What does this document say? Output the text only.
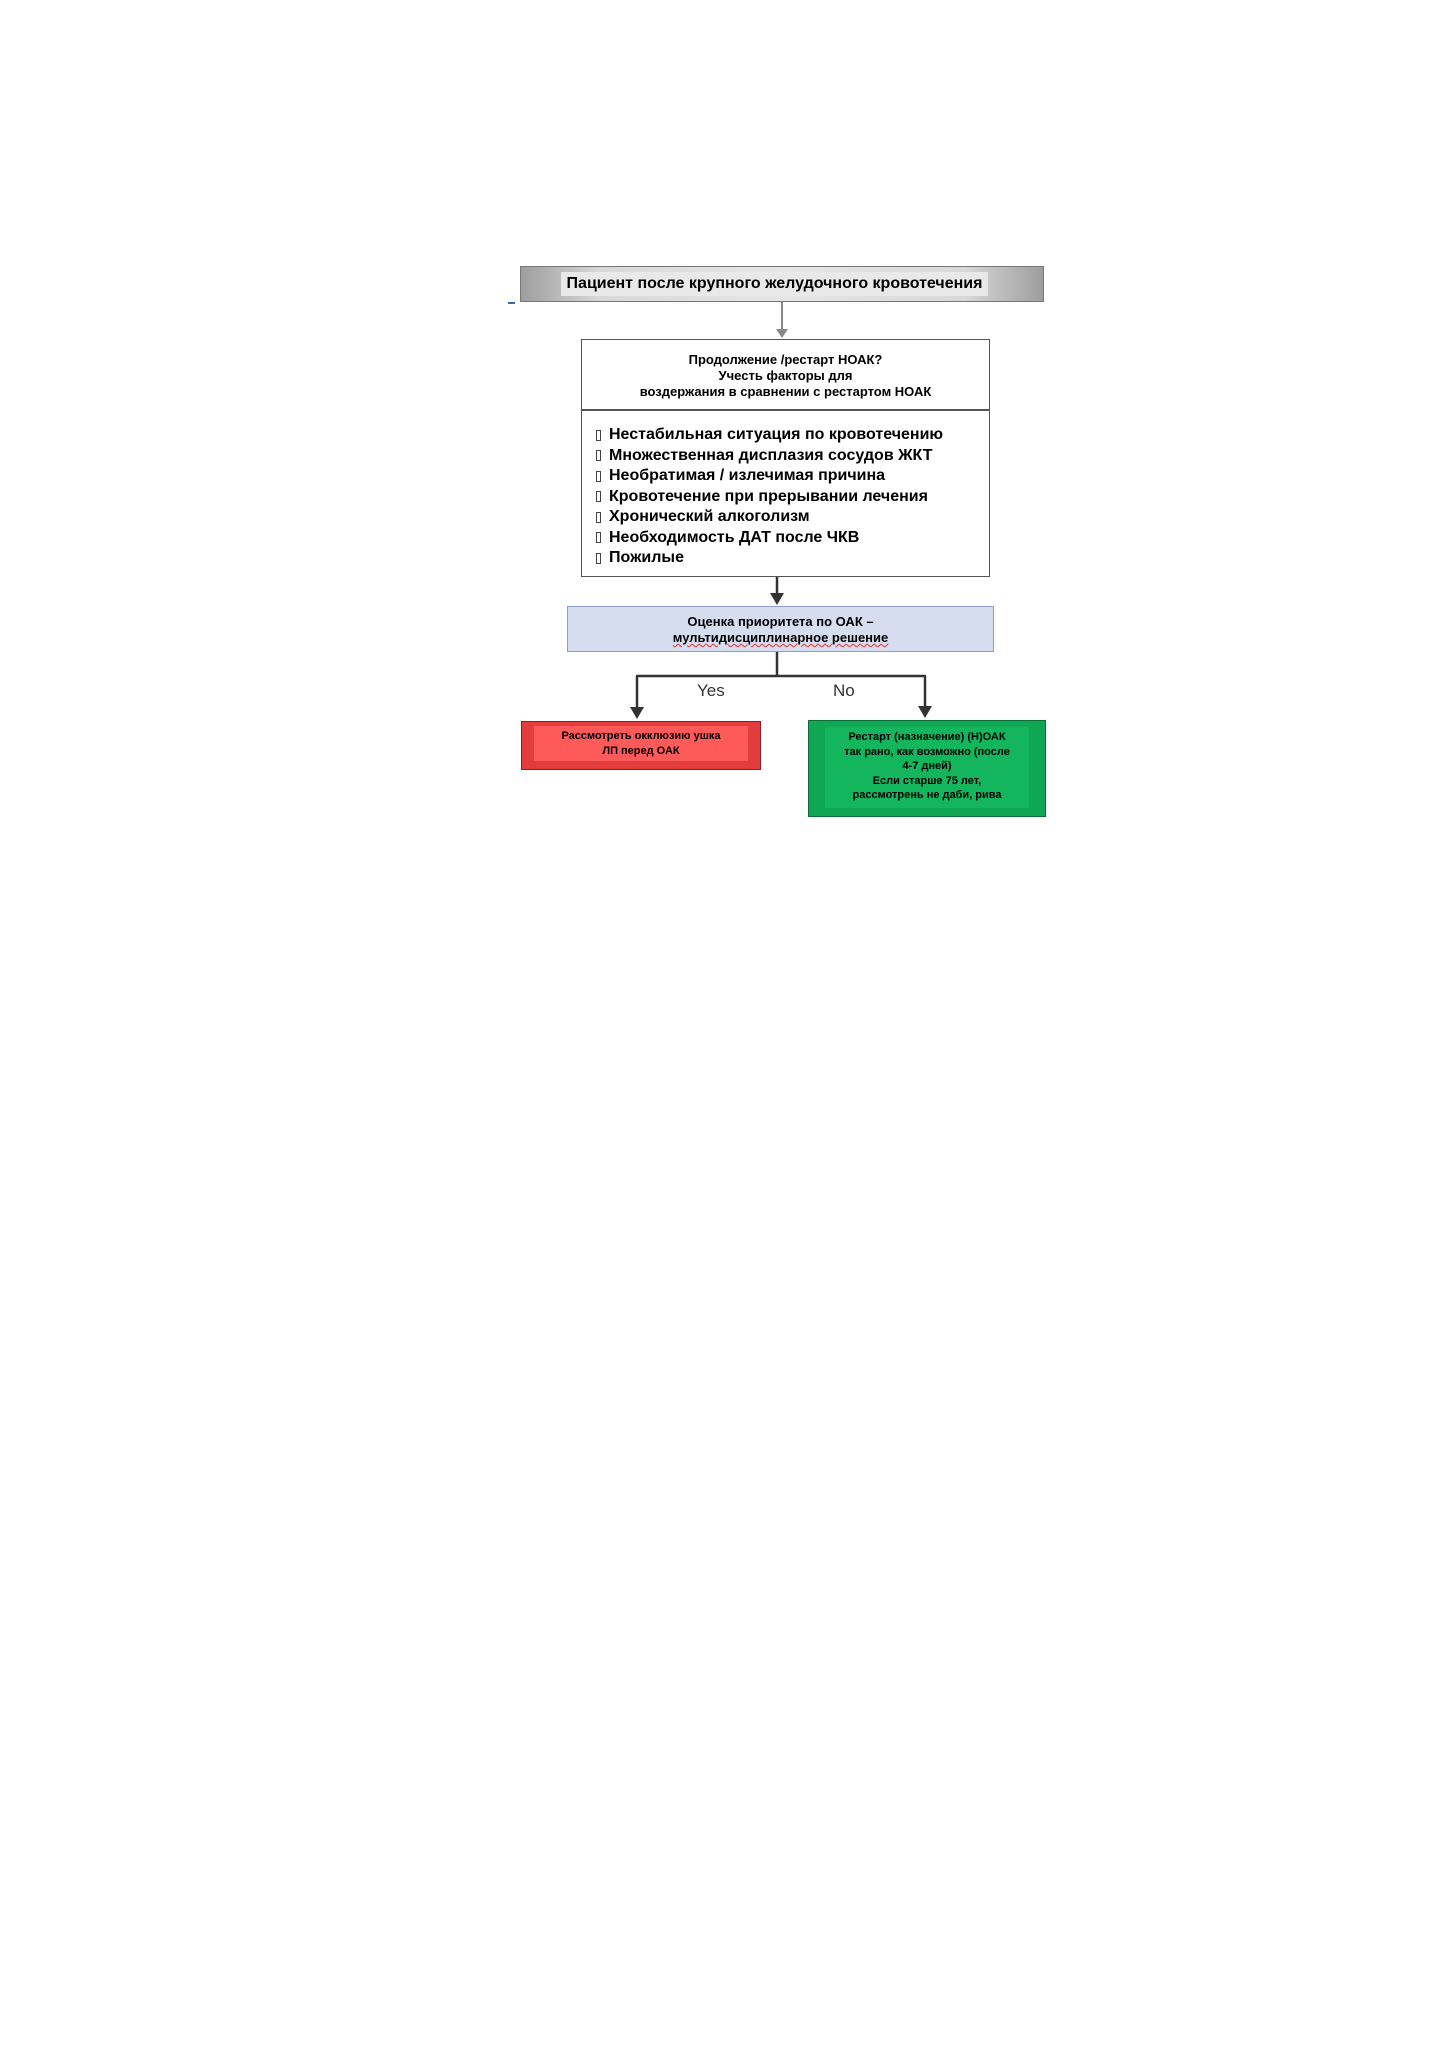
Пациент после крупного желудочного кровотечения
Продолжение /рестарт НОАК?
Учесть факторы для
воздержания в сравнении с рестартом НОАК
Нестабильная ситуация по кровотечению
Множественная дисплазия сосудов ЖКТ
Необратимая / излечимая причина
Кровотечение при прерывании лечения
Хронический алкоголизм
Необходимость ДАТ после ЧКВ
Пожилые
Оценка приоритета по ОАК –
мультидисциплинарное решение
Yes	No
Рассмотреть окклюзию ушка
ЛП перед ОАК
Рестарт (назначение) (Н)ОАК
так рано, как возможно (после
4-7 дней)
Если старше 75 лет,
рассмотрень не даби, рива
